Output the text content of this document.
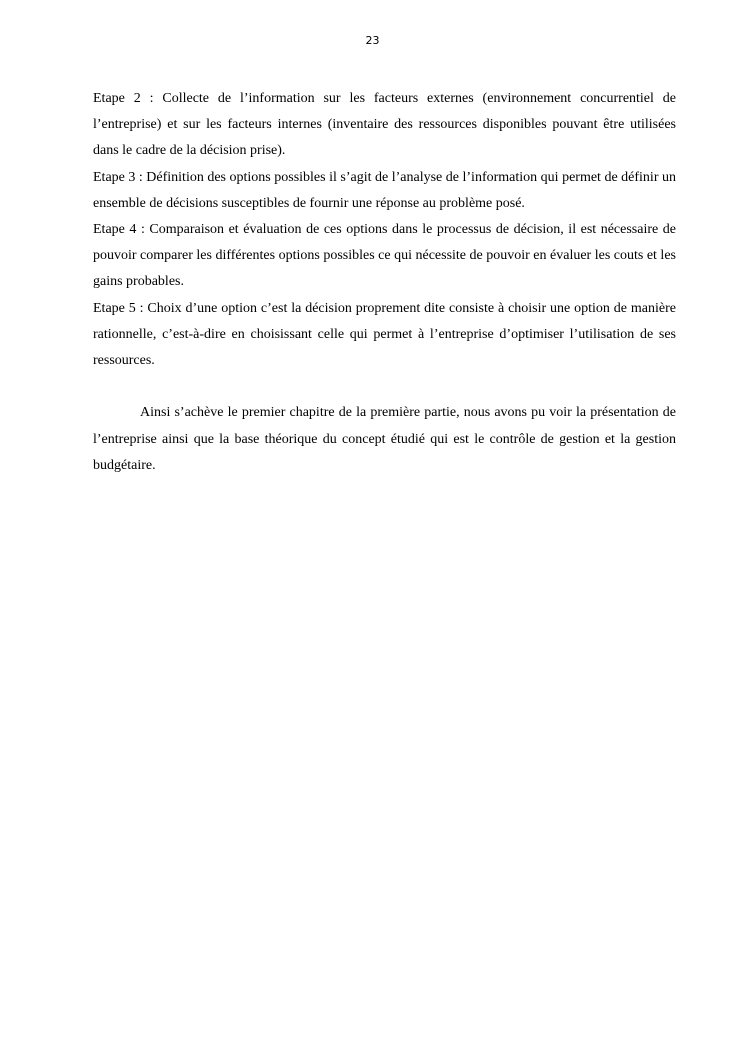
23

Etape 2 : Collecte de l’information sur les facteurs externes (environnement concurrentiel de l’entreprise) et sur les facteurs internes (inventaire des ressources disponibles pouvant être utilisées dans le cadre de la décision prise).

Etape 3 : Définition des options possibles il s’agit de l’analyse de l’information qui permet de définir un ensemble de décisions susceptibles de fournir une réponse au problème posé.

Etape 4 : Comparaison et évaluation de ces options dans le processus de décision, il est nécessaire de pouvoir comparer les différentes options possibles ce qui nécessite de pouvoir en évaluer les couts et les gains probables.

Etape 5 : Choix d’une option c’est la décision proprement dite consiste à choisir une option de manière rationnelle, c’est-à-dire en choisissant celle qui permet à l’entreprise d’optimiser l’utilisation de ses ressources.

Ainsi s’achève le premier chapitre de la première partie, nous avons pu voir la présentation de l’entreprise ainsi que la base théorique du concept étudié qui est le contrôle de gestion et la gestion budgétaire.
